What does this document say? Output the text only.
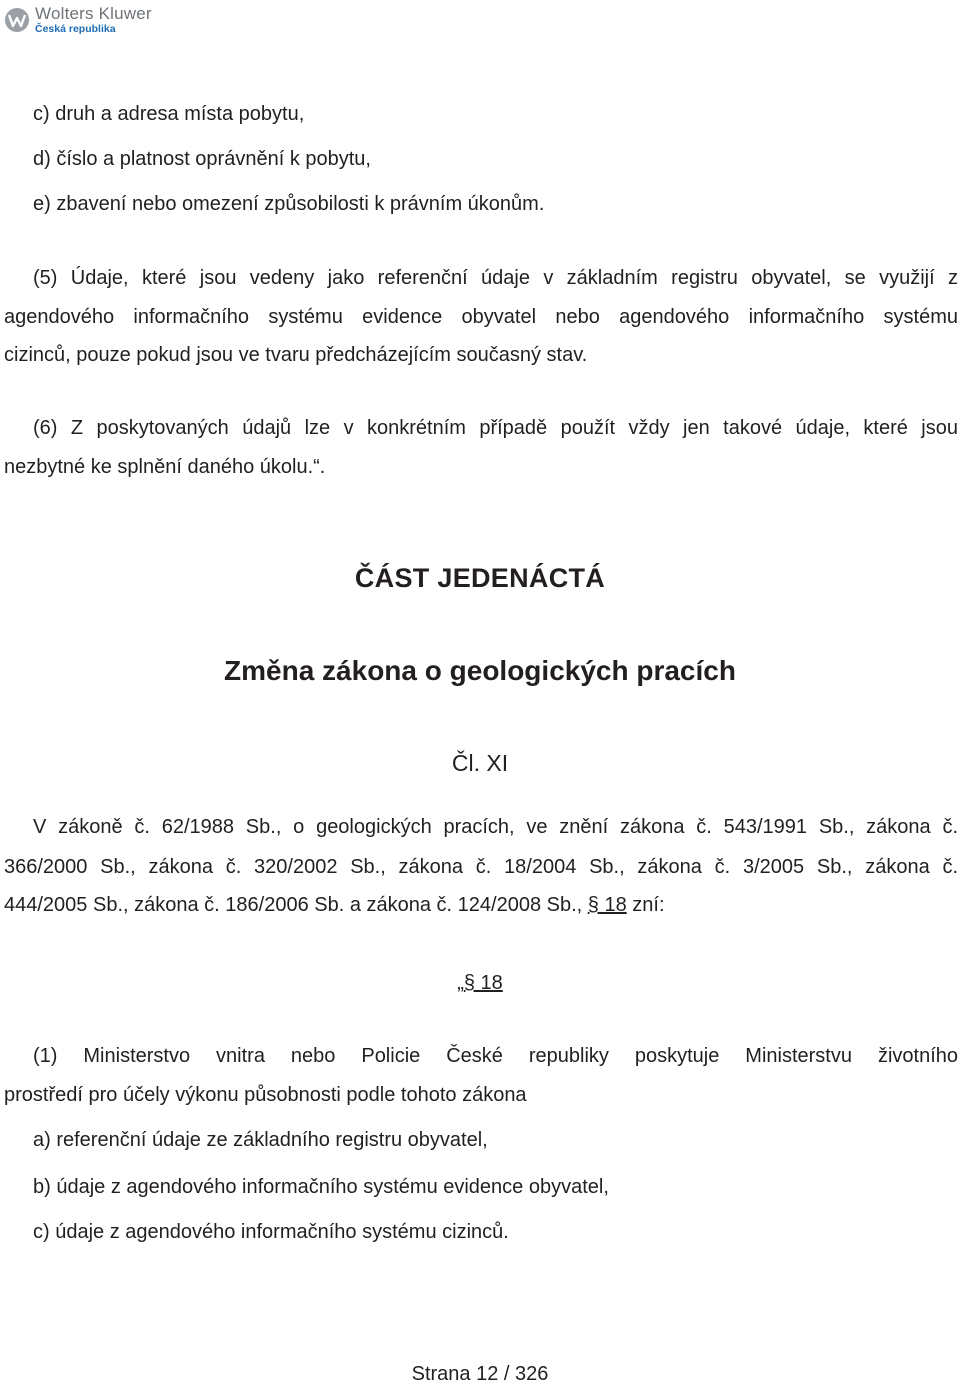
Wolters Kluwer
Česká republika
c) druh a adresa místa pobytu,
d) číslo a platnost oprávnění k pobytu,
e) zbavení nebo omezení způsobilosti k právním úkonům.
(5) Údaje, které jsou vedeny jako referenční údaje v základním registru obyvatel, se využijí z
agendového informačního systému evidence obyvatel nebo agendového informačního systému
cizinců, pouze pokud jsou ve tvaru předcházejícím současný stav.
(6) Z poskytovaných údajů lze v konkrétním případě použít vždy jen takové údaje, které jsou
nezbytné ke splnění daného úkolu.“.
ČÁST JEDENÁCTÁ
Změna zákona o geologických pracích
Čl. XI
V zákoně č. 62/1988 Sb., o geologických pracích, ve znění zákona č. 543/1991 Sb., zákona č.
366/2000 Sb., zákona č. 320/2002 Sb., zákona č. 18/2004 Sb., zákona č. 3/2005 Sb., zákona č.
444/2005 Sb., zákona č. 186/2006 Sb. a zákona č. 124/2008 Sb., § 18 zní:
„§ 18
(1) Ministerstvo vnitra nebo Policie České republiky poskytuje Ministerstvu životního
prostředí pro účely výkonu působnosti podle tohoto zákona
a) referenční údaje ze základního registru obyvatel,
b) údaje z agendového informačního systému evidence obyvatel,
c) údaje z agendového informačního systému cizinců.
Strana 12 / 326
